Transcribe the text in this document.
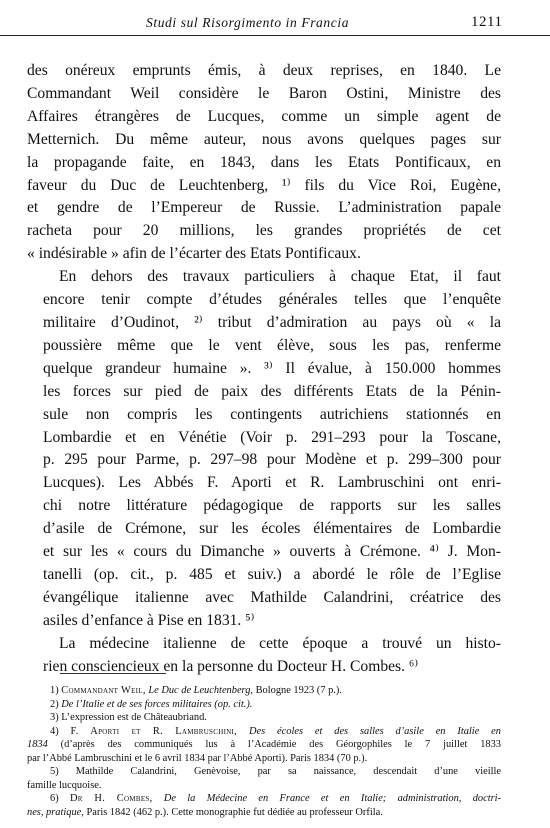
Studi sul Risorgimento in Francia	1211

des onéreux emprunts émis, à deux reprises, en 1840. Le
Commandant Weil considère le Baron Ostini, Ministre des
Affaires étrangères de Lucques, comme un simple agent de
Metternich. Du même auteur, nous avons quelques pages sur
la propagande faite, en 1843, dans les Etats Pontificaux, en
faveur du Duc de Leuchtenberg, ¹⁾ fils du Vice Roi, Eugène,
et gendre de l’Empereur de Russie. L’administration papale
racheta pour 20 millions, les grandes propriétés de cet
« indésirable » afin de l’écarter des Etats Pontificaux.

En dehors des travaux particuliers à chaque Etat, il faut
encore tenir compte d’études générales telles que l’enquête
militaire d’Oudinot, ²⁾ tribut d’admiration au pays où « la
poussière même que le vent élève, sous les pas, renferme
quelque grandeur humaine ». ³⁾ Il évalue, à 150.000 hommes
les forces sur pied de paix des différents Etats de la Pénin-
sule non compris les contingents autrichiens stationnés en
Lombardie et en Vénétie (Voir p. 291–293 pour la Toscane,
p. 295 pour Parme, p. 297–98 pour Modène et p. 299–300 pour
Lucques). Les Abbés F. Aporti et R. Lambruschini ont enri-
chi notre littérature pédagogique de rapports sur les salles
d’asile de Crémone, sur les écoles élémentaires de Lombardie
et sur les « cours du Dimanche » ouverts à Crémone. ⁴⁾ J. Mon-
tanelli (op. cit., p. 485 et suiv.) a abordé le rôle de l’Eglise
évangélique italienne avec Mathilde Calandrini, créatrice des
asiles d’enfance à Pise en 1831. ⁵⁾

La médecine italienne de cette époque a trouvé un histo-
rien consciencieux en la personne du Docteur H. Combes. ⁶⁾

1) Commandant Weil, Le Duc de Leuchtenberg, Bologne 1923 (7 p.).

2) De l’Italie et de ses forces militaires (op. cit.).

3) L’expression est de Châteaubriand.

4) F. Aporti et R. Lambruschini, Des écoles et des salles d’asile en Italie en
1834 (d’après des communiqués lus à l’Académie des Géorgophiles le 7 juillet 1833
par l’Abbé Lambruschini et le 6 avril 1834 par l’Abbé Aporti). Paris 1834 (70 p.).

5) Mathilde Calandrini, Genèvoise, par sa naissance, descendait d’une vieille
famille lucquoise.

6) Dr H. Combes, De la Médecine en France et en Italie; administration, doctri-
nes, pratique, Paris 1842 (462 p.). Cette monographie fut dédiée au professeur Orfila.
